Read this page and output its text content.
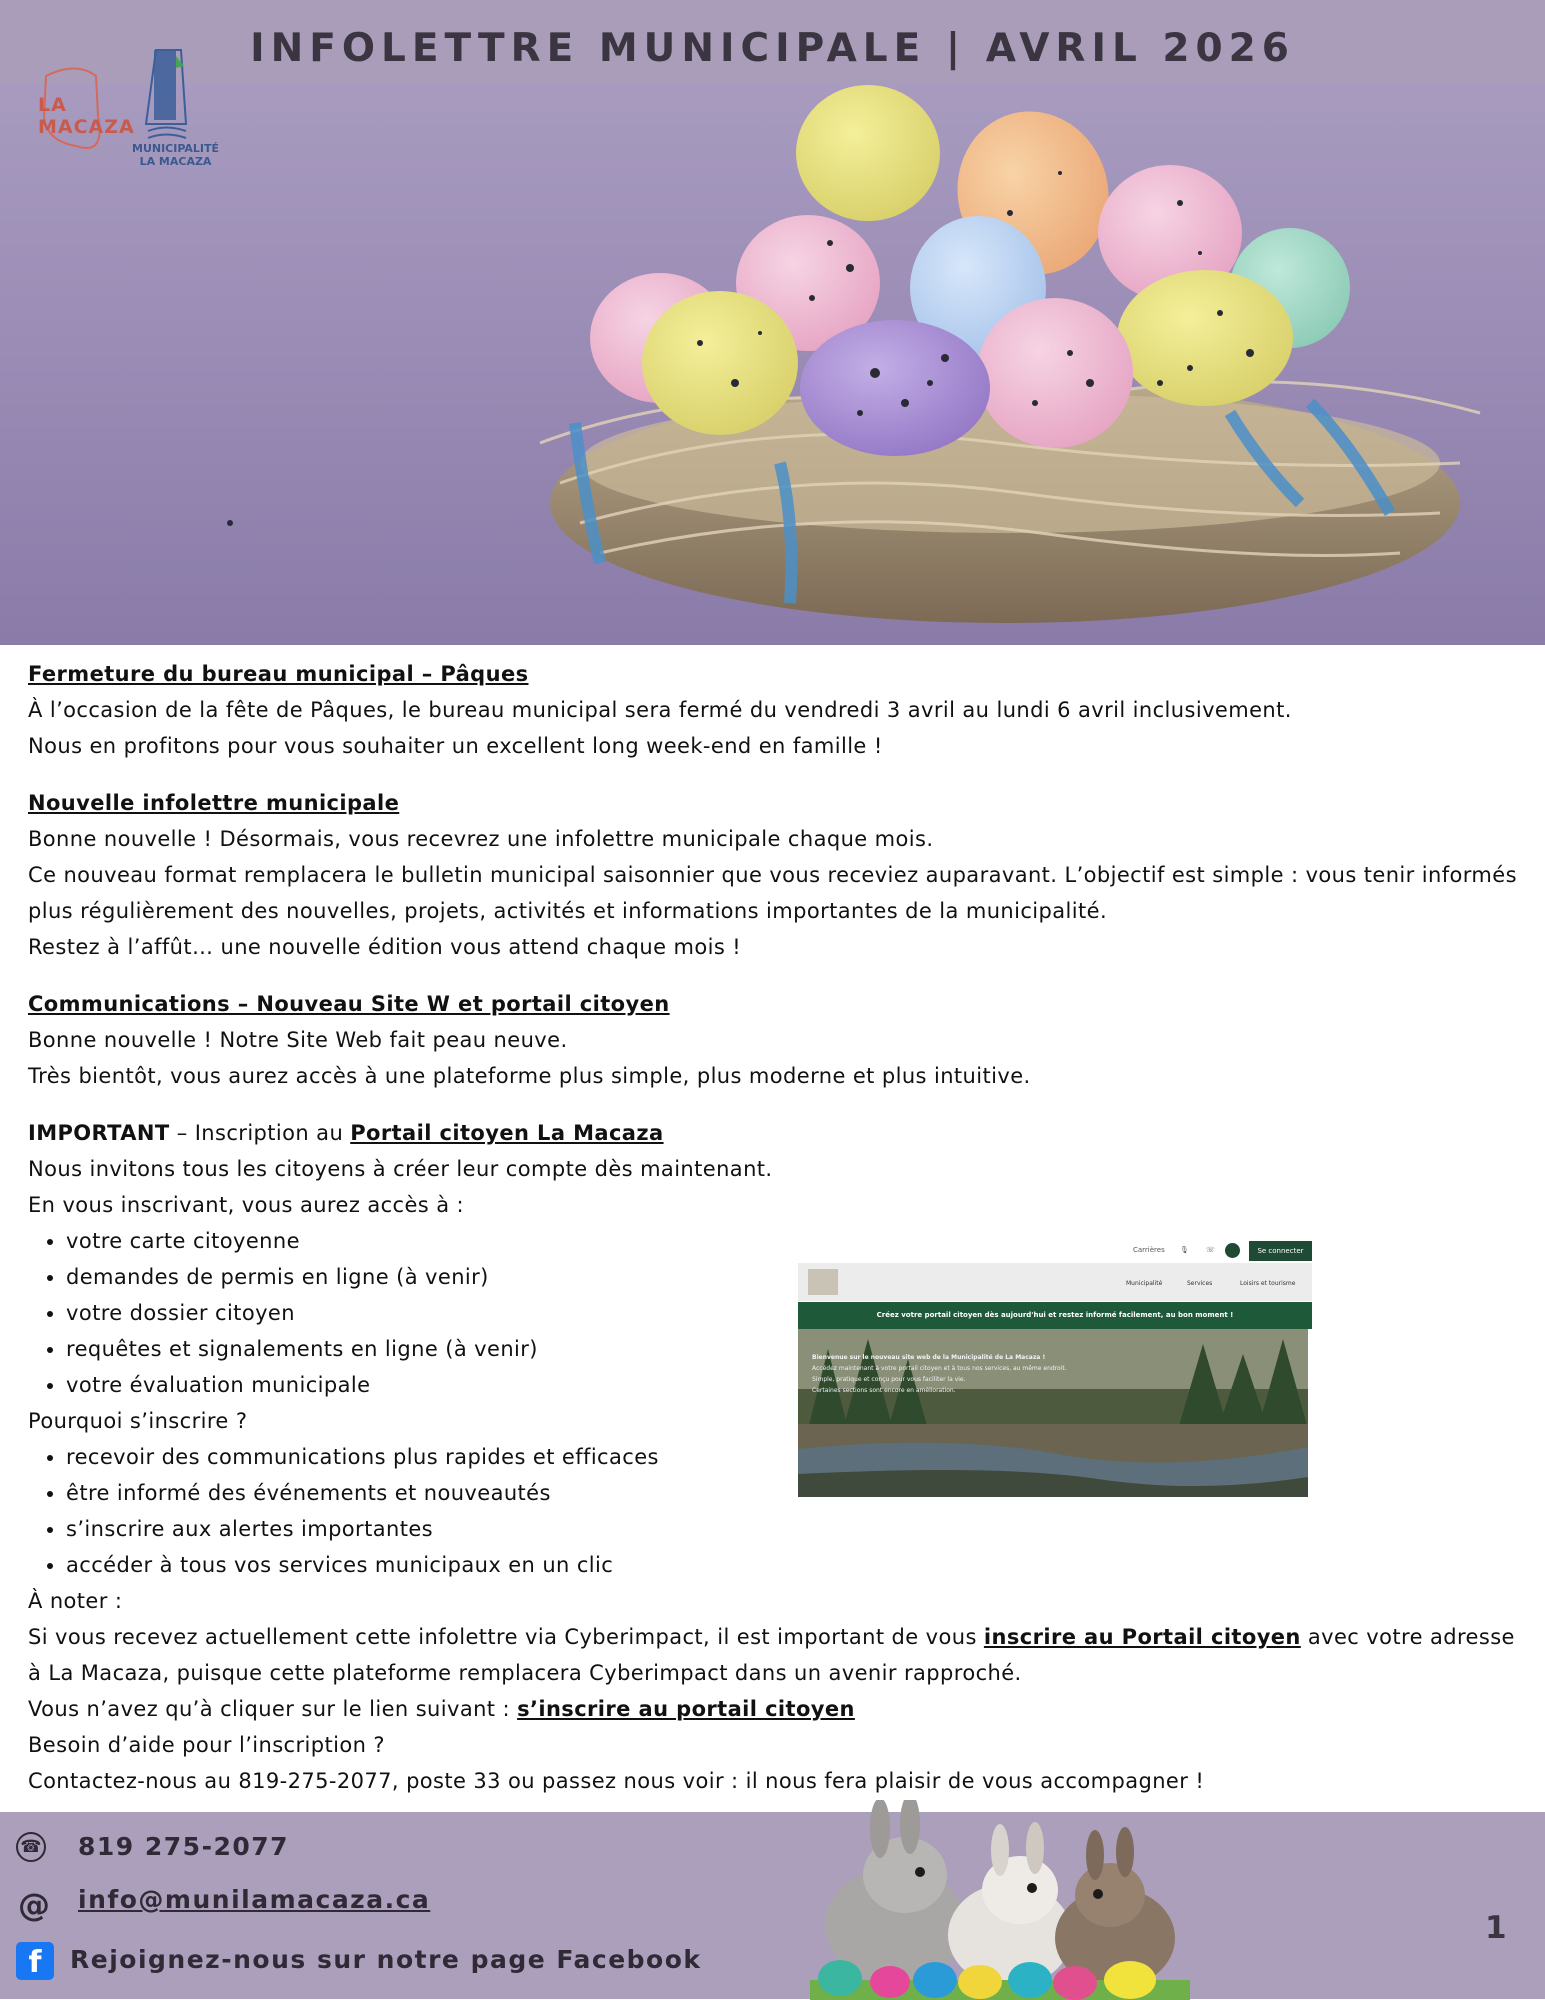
INFOLETTRE MUNICIPALE | AVRIL 2026
LA
MACAZA
MUNICIPALITÉ
LA MACAZA
Fermeture du bureau municipal – Pâques

À l’occasion de la fête de Pâques, le bureau municipal sera fermé du vendredi 3 avril au lundi 6 avril inclusivement.

Nous en profitons pour vous souhaiter un excellent long week-end en famille !

Nouvelle infolettre municipale

Bonne nouvelle ! Désormais, vous recevrez une infolettre municipale chaque mois.

Ce nouveau format remplacera le bulletin municipal saisonnier que vous receviez auparavant. L’objectif est simple : vous tenir informés plus régulièrement des nouvelles, projets, activités et informations importantes de la municipalité.

Restez à l’affût… une nouvelle édition vous attend chaque mois !

Communications – Nouveau Site W et portail citoyen

Bonne nouvelle ! Notre Site Web fait peau neuve.

Très bientôt, vous aurez accès à une plateforme plus simple, plus moderne et plus intuitive.

IMPORTANT – Inscription au Portail citoyen La Macaza

Nous invitons tous les citoyens à créer leur compte dès maintenant.

En vous inscrivant, vous aurez accès à :

• votre carte citoyenne
• demandes de permis en ligne (à venir)
• votre dossier citoyen
• requêtes et signalements en ligne (à venir)
• votre évaluation municipale

Pourquoi s’inscrire ?

• recevoir des communications plus rapides et efficaces
• être informé des événements et nouveautés
• s’inscrire aux alertes importantes
• accéder à tous vos services municipaux en un clic

À noter :

Si vous recevez actuellement cette infolettre via Cyberimpact, il est important de vous inscrire au Portail citoyen avec votre adresse à La Macaza, puisque cette plateforme remplacera Cyberimpact dans un avenir rapproché.

Vous n’avez qu’à cliquer sur le lien suivant : s’inscrire au portail citoyen

Besoin d’aide pour l’inscription ?

Contactez-nous au 819-275-2077, poste 33 ou passez nous voir : il nous fera plaisir de vous accompagner !

Carrières 🎙 ☏	Se connecter
Municipalité	Services	Loisirs et tourisme
Créez votre portail citoyen dès aujourd'hui et restez informé facilement, au bon moment !
Bienvenue sur le nouveau site web de la Municipalité de La Macaza !
Accédez maintenant à votre portail citoyen et à tous nos services, au même endroit.
Simple, pratique et conçu pour vous faciliter la vie.
Certaines sections sont encore en amélioration.
☎ 819 275-2077
@ info@munilamacaza.ca
f	Rejoignez-nous sur notre page Facebook
1
